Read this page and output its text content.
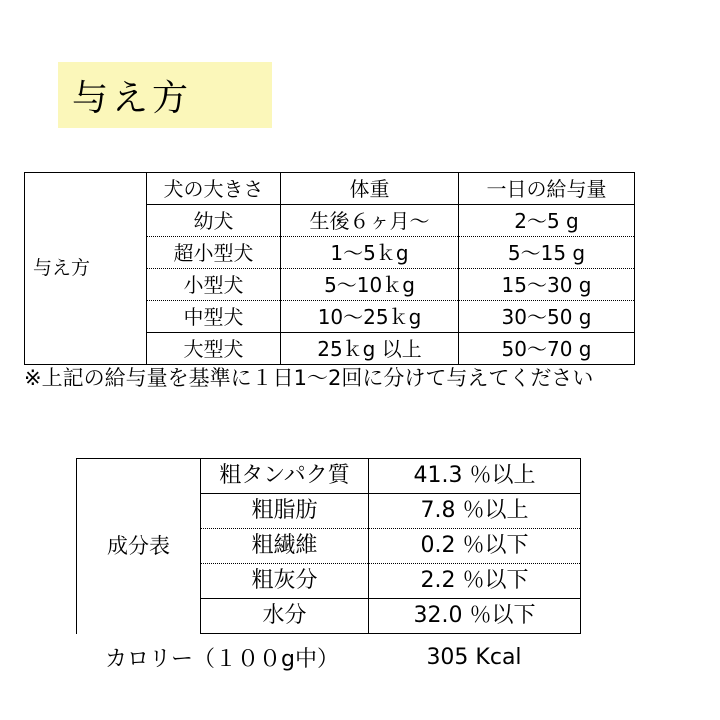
与え方
与え方	犬の大きさ	体重	一日の給与量
	幼犬	生後６ヶ月〜	2〜5 g
	超小型犬	1〜5ｋg	5〜15 g
	小型犬	5〜10ｋg	15〜30 g
	中型犬	10〜25ｋg	30〜50 g
	大型犬	25ｋg 以上	50〜70 g
※上記の給与量を基準に１日1〜2回に分けて与えてください
成分表	粗タンパク質	41.3 ％以上
	粗脂肪	7.8 ％以上
	粗繊維	0.2 ％以下
	粗灰分	2.2 ％以下
	水分	32.0 ％以下
カロリー（１００g中）	305 Kcal
